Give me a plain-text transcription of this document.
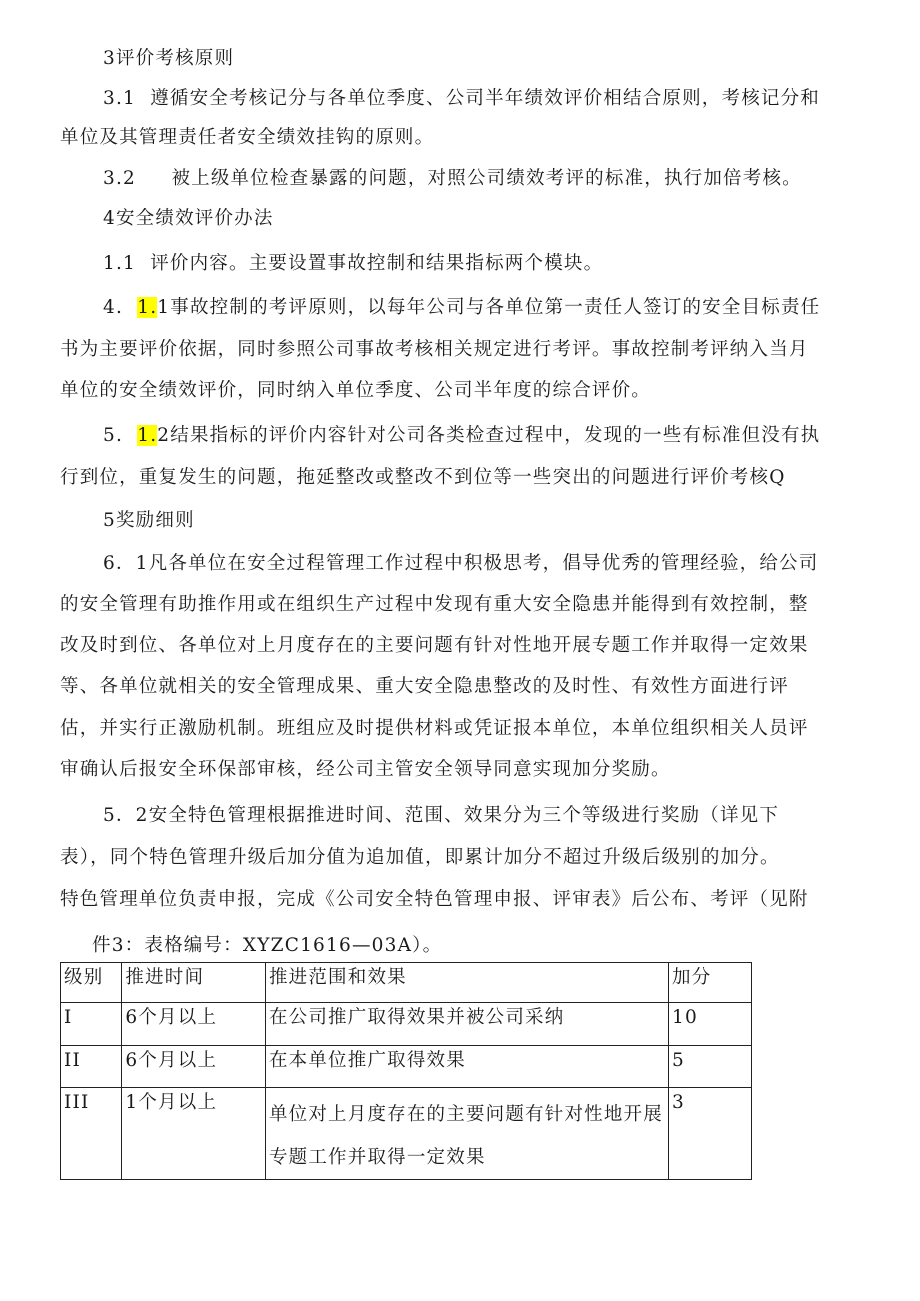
3评价考核原则
3.1 遵循安全考核记分与各单位季度、公司半年绩效评价相结合原则，考核记分和
单位及其管理责任者安全绩效挂钩的原则。
3.2 被上级单位检查暴露的问题，对照公司绩效考评的标准，执行加倍考核。
4安全绩效评价办法
1.1 评价内容。主要设置事故控制和结果指标两个模块。
4. 1.1事故控制的考评原则，以每年公司与各单位第一责任人签订的安全目标责任
书为主要评价依据，同时参照公司事故考核相关规定进行考评。事故控制考评纳入当月
单位的安全绩效评价，同时纳入单位季度、公司半年度的综合评价。
5. 1.2结果指标的评价内容针对公司各类检查过程中，发现的一些有标准但没有执
行到位，重复发生的问题，拖延整改或整改不到位等一些突出的问题进行评价考核Q
5奖励细则
6．1凡各单位在安全过程管理工作过程中积极思考，倡导优秀的管理经验，给公司
的安全管理有助推作用或在组织生产过程中发现有重大安全隐患并能得到有效控制，整
改及时到位、各单位对上月度存在的主要问题有针对性地开展专题工作并取得一定效果
等、各单位就相关的安全管理成果、重大安全隐患整改的及时性、有效性方面进行评
估，并实行正激励机制。班组应及时提供材料或凭证报本单位，本单位组织相关人员评
审确认后报安全环保部审核，经公司主管安全领导同意实现加分奖励。
5．2安全特色管理根据推进时间、范围、效果分为三个等级进行奖励（详见下
表），同个特色管理升级后加分值为追加值，即累计加分不超过升级后级别的加分。
特色管理单位负责申报，完成《公司安全特色管理申报、评审表》后公布、考评（见附
件3：表格编号：XYZC1616—03A）。
级别	推进时间	推进范围和效果	加分
I	6个月以上	在公司推广取得效果并被公司采纳	10
II	6个月以上	在本单位推广取得效果	5
III	1个月以上	单位对上月度存在的主要问题有针对性地开展
专题工作并取得一定效果	3
